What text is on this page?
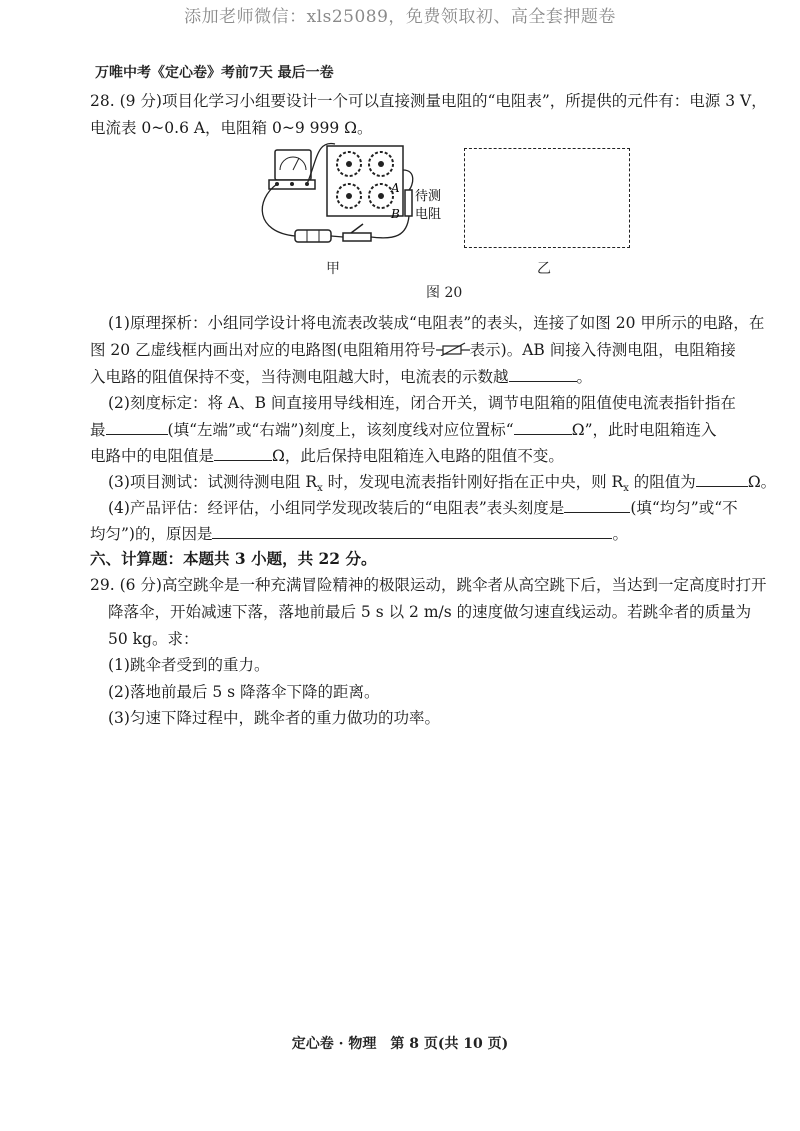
添加老师微信：xls25089，免费领取初、高全套押题卷
万唯中考《定心卷》考前7天 最后一卷
28. (9 分)项目化学习小组要设计一个可以直接测量电阻的“电阻表”，所提供的元件有：电源 3 V，
电流表 0~0.6 A，电阻箱 0~9 999 Ω。
A
B
待测
电阻
甲	乙
图 20
(1)原理探析：小组同学设计将电流表改装成“电阻表”的表头，连接了如图 20 甲所示的电路，在
图 20 乙虚线框内画出对应的电路图(电阻箱用符号 表示)。AB 间接入待测电阻，电阻箱接
入电路的阻值保持不变，当待测电阻越大时，电流表的示数越	。
(2)刻度标定：将 A、B 间直接用导线相连，闭合开关，调节电阻箱的阻值使电流表指针指在
最	(填“左端”或“右端”)刻度上，该刻度线对应位置标“	Ω”，此时电阻箱连入
电路中的电阻值是	Ω，此后保持电阻箱连入电路的阻值不变。
(3)项目测试：试测待测电阻 $R_x$ 时，发现电流表指针刚好指在正中央，则 $R_x$ 的阻值为	Ω。
(4)产品评估：经评估，小组同学发现改装后的“电阻表”表头刻度是	(填“均匀”或“不
均匀”)的，原因是	。
六、计算题：本题共 3 小题，共 22 分。
29. (6 分)高空跳伞是一种充满冒险精神的极限运动，跳伞者从高空跳下后，当达到一定高度时打开
降落伞，开始减速下落，落地前最后 5 s 以 2 m/s 的速度做匀速直线运动。若跳伞者的质量为
50 kg。求：
(1)跳伞者受到的重力。
(2)落地前最后 5 s 降落伞下降的距离。
(3)匀速下降过程中，跳伞者的重力做功的功率。
定心卷 · 物理　第 8 页(共 10 页)
